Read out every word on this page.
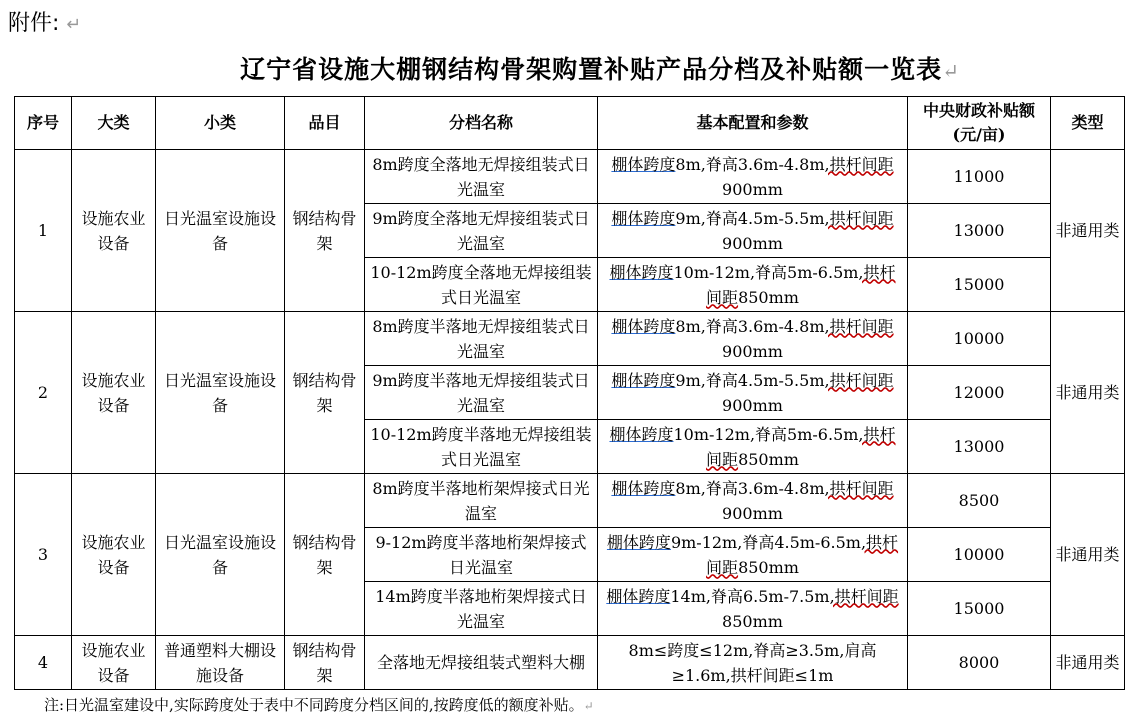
附件: ↵
辽宁省设施大棚钢结构骨架购置补贴产品分档及补贴额一览表↵
序号	大类	小类	品目	分档名称	基本配置和参数	中央财政补贴额(元/亩)	类型
1	设施农业设备	日光温室设施设备	钢结构骨架	8m跨度全落地无焊接组装式日光温室	棚体跨度8m,脊高3.6m-4.8m,拱杆间距900mm	11000	非通用类
				9m跨度全落地无焊接组装式日光温室	棚体跨度9m,脊高4.5m-5.5m,拱杆间距900mm	13000	
				10-12m跨度全落地无焊接组装式日光温室	棚体跨度10m-12m,脊高5m-6.5m,拱杆间距850mm	15000	
2	设施农业设备	日光温室设施设备	钢结构骨架	8m跨度半落地无焊接组装式日光温室	棚体跨度8m,脊高3.6m-4.8m,拱杆间距900mm	10000	非通用类
				9m跨度半落地无焊接组装式日光温室	棚体跨度9m,脊高4.5m-5.5m,拱杆间距900mm	12000	
				10-12m跨度半落地无焊接组装式日光温室	棚体跨度10m-12m,脊高5m-6.5m,拱杆间距850mm	13000	
3	设施农业设备	日光温室设施设备	钢结构骨架	8m跨度半落地桁架焊接式日光温室	棚体跨度8m,脊高3.6m-4.8m,拱杆间距900mm	8500	非通用类
				9-12m跨度半落地桁架焊接式日光温室	棚体跨度9m-12m,脊高4.5m-6.5m,拱杆间距850mm	10000	
				14m跨度半落地桁架焊接式日光温室	棚体跨度14m,脊高6.5m-7.5m,拱杆间距850mm	15000	
4	设施农业设备	普通塑料大棚设施设备	钢结构骨架	全落地无焊接组装式塑料大棚	8m≤跨度≤12m,脊高≥3.5m,肩高≥1.6m,拱杆间距≤1m	8000	非通用类
注:日光温室建设中,实际跨度处于表中不同跨度分档区间的,按跨度低的额度补贴。↵
